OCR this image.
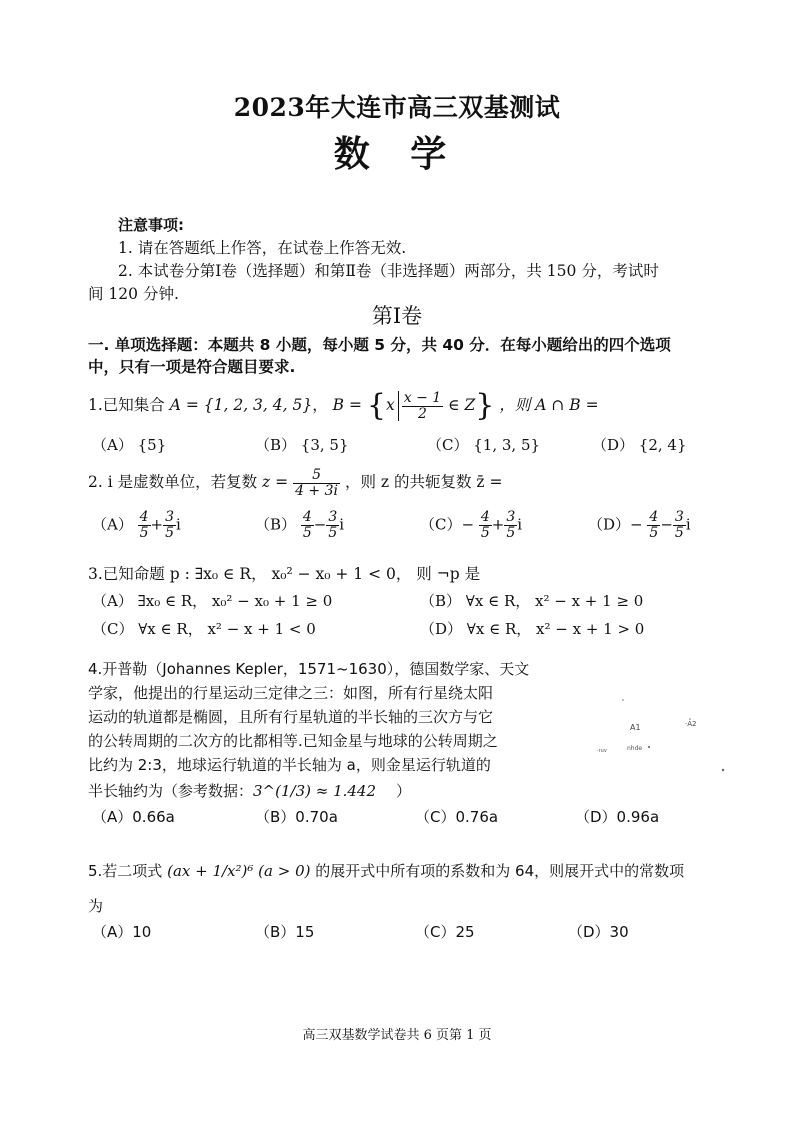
2023年大连市高三双基测试
数 学
注意事项:
1. 请在答题纸上作答，在试卷上作答无效.
2. 本试卷分第Ⅰ卷（选择题）和第Ⅱ卷（非选择题）两部分，共 150 分，考试时
间 120 分钟.
第Ⅰ卷
一. 单项选择题：本题共 8 小题，每小题 5 分，共 40 分．在每小题给出的四个选项
中，只有一项是符合题目要求.
1.已知集合 A = {1, 2, 3, 4, 5}， $B = \{x \frac{x - 1}{2}$ ∈ Z} ，则 A ∩ B =
（A） {5}	（B） {3, 5}	（C） {1, 3, 5}	（D） {2, 4}
2. i 是虚数单位，若复数 $z = \frac{5}{4 + 3i}$ ，则 z 的共轭复数 z̄ =
$(A) \frac{4}{5} + \frac{3}{5}$ i	$(B) \frac{4}{5} - \frac{3}{5}$ i	$(C)- \frac{4}{5} + \frac{3}{5}$ i	$(D)- \frac{4}{5} - \frac{3}{5}$ i
3.已知命题 p : ∃x₀ ∈ R， x₀² − x₀ + 1 < 0， 则 ¬p 是
（A） ∃x₀ ∈ R， x₀² − x₀ + 1 ≥ 0	（B） ∀x ∈ R， x² − x + 1 ≥ 0
（C） ∀x ∈ R， x² − x + 1 < 0	（D） ∀x ∈ R， x² − x + 1 > 0
4.开普勒（Johannes Kepler，1571~1630），德国数学家、天文
学家，他提出的行星运动三定律之三：如图，所有行星绕太阳
运动的轨道都是椭圆，且所有行星轨道的半长轴的三次方与它
的公转周期的二次方的比都相等.已知金星与地球的公转周期之
比约为 2:3，地球运行轨道的半长轴为 a，则金星运行轨道的
半长轴约为（参考数据：3^(1/3) ≈ 1.442 ）
A1	·A2
·ruv	nhde
（A）0.66a	（B）0.70a	（C）0.76a	（D）0.96a
5.若二项式 (ax + 1/x²)⁶ (a > 0) 的展开式中所有项的系数和为 64，则展开式中的常数项
为
（A）10	（B）15	（C）25	（D）30
高三双基数学试卷共 6 页第 1 页
